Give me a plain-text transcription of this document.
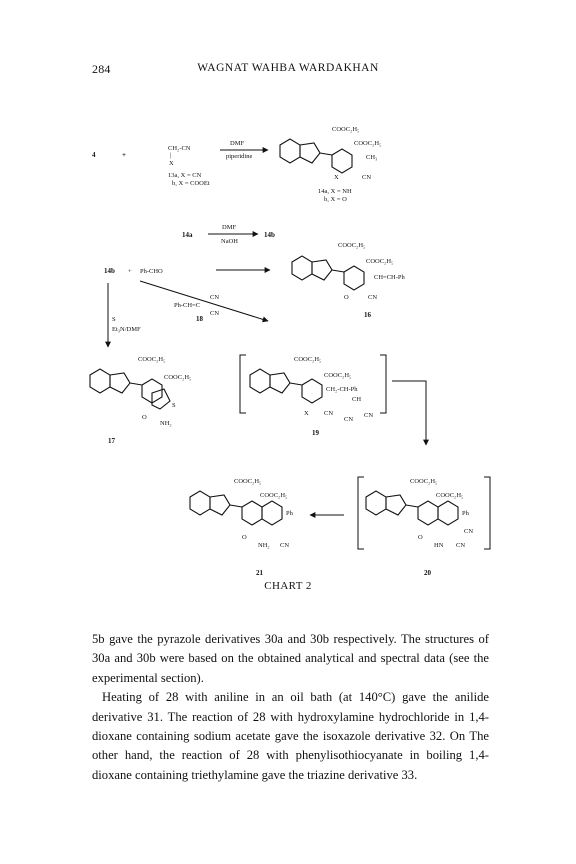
284	WAGNAT WAHBA WARDAKHAN
4	+
CH₂-CN
|
X
DMF
piperidine
13a, X = CN
b, X = COOEt
COOC₂H₅
COOC₂H₅
CH₃
X	CN
14a, X = NH
b, X = O
14a
DMF
NaOH
14b
14b + Ph-CHO
COOC₂H₅
COOC₂H₅
CH=CH-Ph
O	CN
16
Ph-CH=C
CN
CN
18
S
Et₃N/DMF
COOC₂H₅
COOC₂H₅
S
O
NH₂
17
COOC₂H₅
COOC₂H₅
CH₂-CH-Ph
CH
X CN
CN
CN
19
COOC₂H₅
COOC₂H₅
Ph
O
NH₂ CN
21
COOC₂H₅
COOC₂H₅
Ph
O
HN
CN
CN
20
CHART 2

5b gave the pyrazole derivatives 30a and 30b respectively. The structures of 30a and 30b were based on the obtained analytical and spectral data (see the experimental section).

Heating of 28 with aniline in an oil bath (at 140°C) gave the anilide derivative 31. The reaction of 28 with hydroxylamine hydrochloride in 1,4-dioxane containing sodium acetate gave the isoxazole derivative 32. On The other hand, the reaction of 28 with phenylisothiocyanate in boiling 1,4-dioxane containing triethylamine gave the triazine derivative 33.
